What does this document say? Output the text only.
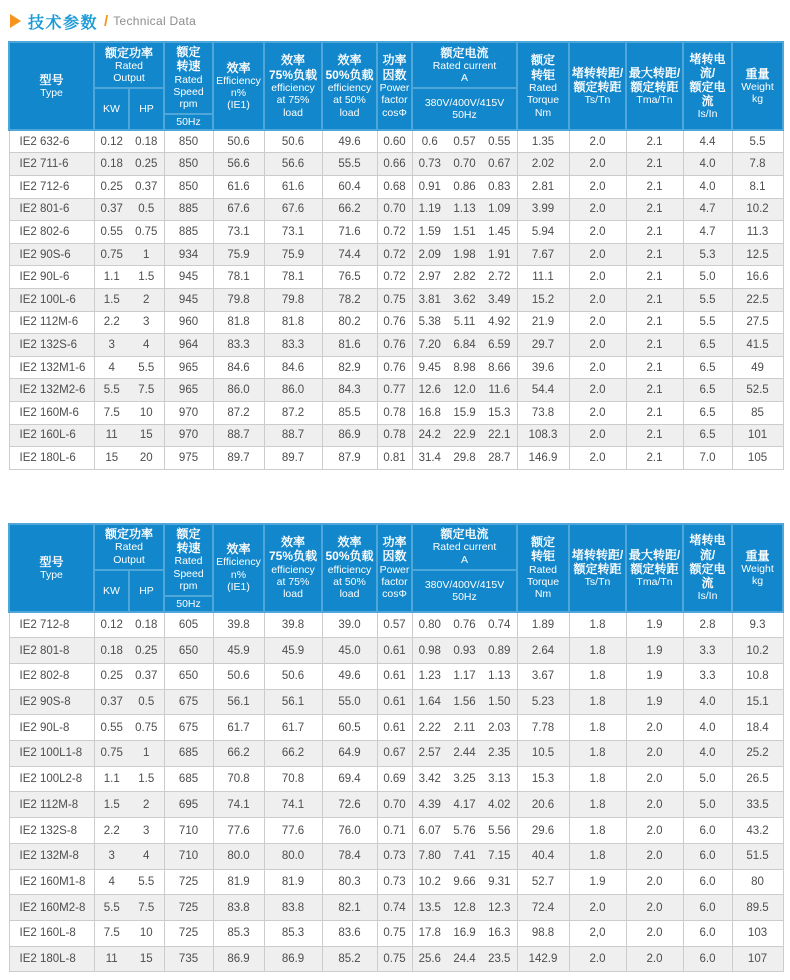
技术参数 / Technical Data
型号
Type

额定功率
Rated
Output

额定
转速
Rated
Speed
rpm

效率
Efficiency
n%
(IE1)

效率
75%负载
efficiency
at 75%
load

效率
50%负载
efficiency
at 50%
load

功率
因数
Power
factor
cosΦ

额定电流
Rated current
A

额定
转钜
Rated
Torque
Nm

堵转转距/
额定转距
Ts/Tn

最大转距/
额定转距
Tma/Tn

堵转电流/
额定电流
Is/In

重量
Weight
kg

	KW	HP						380V/400V/415V
50Hz							

			50Hz												

IE2 632-6	0.12	0.18	850	50.6	50.6	49.6	0.60	0.6	0.57	0.55	1.35	2.0	2.1	4.4	5.5
IE2 711-6	0.18	0.25	850	56.6	56.6	55.5	0.66	0.73	0.70	0.67	2.02	2.0	2.1	4.0	7.8
IE2 712-6	0.25	0.37	850	61.6	61.6	60.4	0.68	0.91	0.86	0.83	2.81	2.0	2.1	4.0	8.1
IE2 801-6	0.37	0.5	885	67.6	67.6	66.2	0.70	1.19	1.13	1.09	3.99	2.0	2.1	4.7	10.2
IE2 802-6	0.55	0.75	885	73.1	73.1	71.6	0.72	1.59	1.51	1.45	5.94	2.0	2.1	4.7	11.3
IE2 90S-6	0.75	1	934	75.9	75.9	74.4	0.72	2.09	1.98	1.91	7.67	2.0	2.1	5.3	12.5
IE2 90L-6	1.1	1.5	945	78.1	78.1	76.5	0.72	2.97	2.82	2.72	11.1	2.0	2.1	5.0	16.6
IE2 100L-6	1.5	2	945	79.8	79.8	78.2	0.75	3.81	3.62	3.49	15.2	2.0	2.1	5.5	22.5
IE2 112M-6	2.2	3	960	81.8	81.8	80.2	0.76	5.38	5.11	4.92	21.9	2.0	2.1	5.5	27.5
IE2 132S-6	3	4	964	83.3	83.3	81.6	0.76	7.20	6.84	6.59	29.7	2.0	2.1	6.5	41.5
IE2 132M1-6	4	5.5	965	84.6	84.6	82.9	0.76	9.45	8.98	8.66	39.6	2.0	2.1	6.5	49
IE2 132M2-6	5.5	7.5	965	86.0	86.0	84.3	0.77	12.6	12.0	11.6	54.4	2.0	2.1	6.5	52.5
IE2 160M-6	7.5	10	970	87.2	87.2	85.5	0.78	16.8	15.9	15.3	73.8	2.0	2.1	6.5	85
IE2 160L-6	11	15	970	88.7	88.7	86.9	0.78	24.2	22.9	22.1	108.3	2.0	2.1	6.5	101
IE2 180L-6	15	20	975	89.7	89.7	87.9	0.81	31.4	29.8	28.7	146.9	2.0	2.1	7.0	105
型号
Type

额定功率
Rated
Output

额定
转速
Rated
Speed
rpm

效率
Efficiency
n%
(IE1)

效率
75%负载
efficiency
at 75%
load

效率
50%负载
efficiency
at 50%
load

功率
因数
Power
factor
cosΦ

额定电流
Rated current
A

额定
转钜
Rated
Torque
Nm

堵转转距/
额定转距
Ts/Tn

最大转距/
额定转距
Tma/Tn

堵转电流/
额定电流
Is/In

重量
Weight
kg

	KW	HP						380V/400V/415V
50Hz							

			50Hz												

IE2 712-8	0.12	0.18	605	39.8	39.8	39.0	0.57	0.80	0.76	0.74	1.89	1.8	1.9	2.8	9.3
IE2 801-8	0.18	0.25	650	45.9	45.9	45.0	0.61	0.98	0.93	0.89	2.64	1.8	1.9	3.3	10.2
IE2 802-8	0.25	0.37	650	50.6	50.6	49.6	0.61	1.23	1.17	1.13	3.67	1.8	1.9	3.3	10.8
IE2 90S-8	0.37	0.5	675	56.1	56.1	55.0	0.61	1.64	1.56	1.50	5.23	1.8	1.9	4.0	15.1
IE2 90L-8	0.55	0.75	675	61.7	61.7	60.5	0.61	2.22	2.11	2.03	7.78	1.8	2.0	4.0	18.4
IE2 100L1-8	0.75	1	685	66.2	66.2	64.9	0.67	2.57	2.44	2.35	10.5	1.8	2.0	4.0	25.2
IE2 100L2-8	1.1	1.5	685	70.8	70.8	69.4	0.69	3.42	3.25	3.13	15.3	1.8	2.0	5.0	26.5
IE2 112M-8	1.5	2	695	74.1	74.1	72.6	0.70	4.39	4.17	4.02	20.6	1.8	2.0	5.0	33.5
IE2 132S-8	2.2	3	710	77.6	77.6	76.0	0.71	6.07	5.76	5.56	29.6	1.8	2.0	6.0	43.2
IE2 132M-8	3	4	710	80.0	80.0	78.4	0.73	7.80	7.41	7.15	40.4	1.8	2.0	6.0	51.5
IE2 160M1-8	4	5.5	725	81.9	81.9	80.3	0.73	10.2	9.66	9.31	52.7	1.9	2.0	6.0	80
IE2 160M2-8	5.5	7.5	725	83.8	83.8	82.1	0.74	13.5	12.8	12.3	72.4	2.0	2.0	6.0	89.5
IE2 160L-8	7.5	10	725	85.3	85.3	83.6	0.75	17.8	16.9	16.3	98.8	2,0	2.0	6.0	103
IE2 180L-8	11	15	735	86.9	86.9	85.2	0.75	25.6	24.4	23.5	142.9	2.0	2.0	6.0	107
